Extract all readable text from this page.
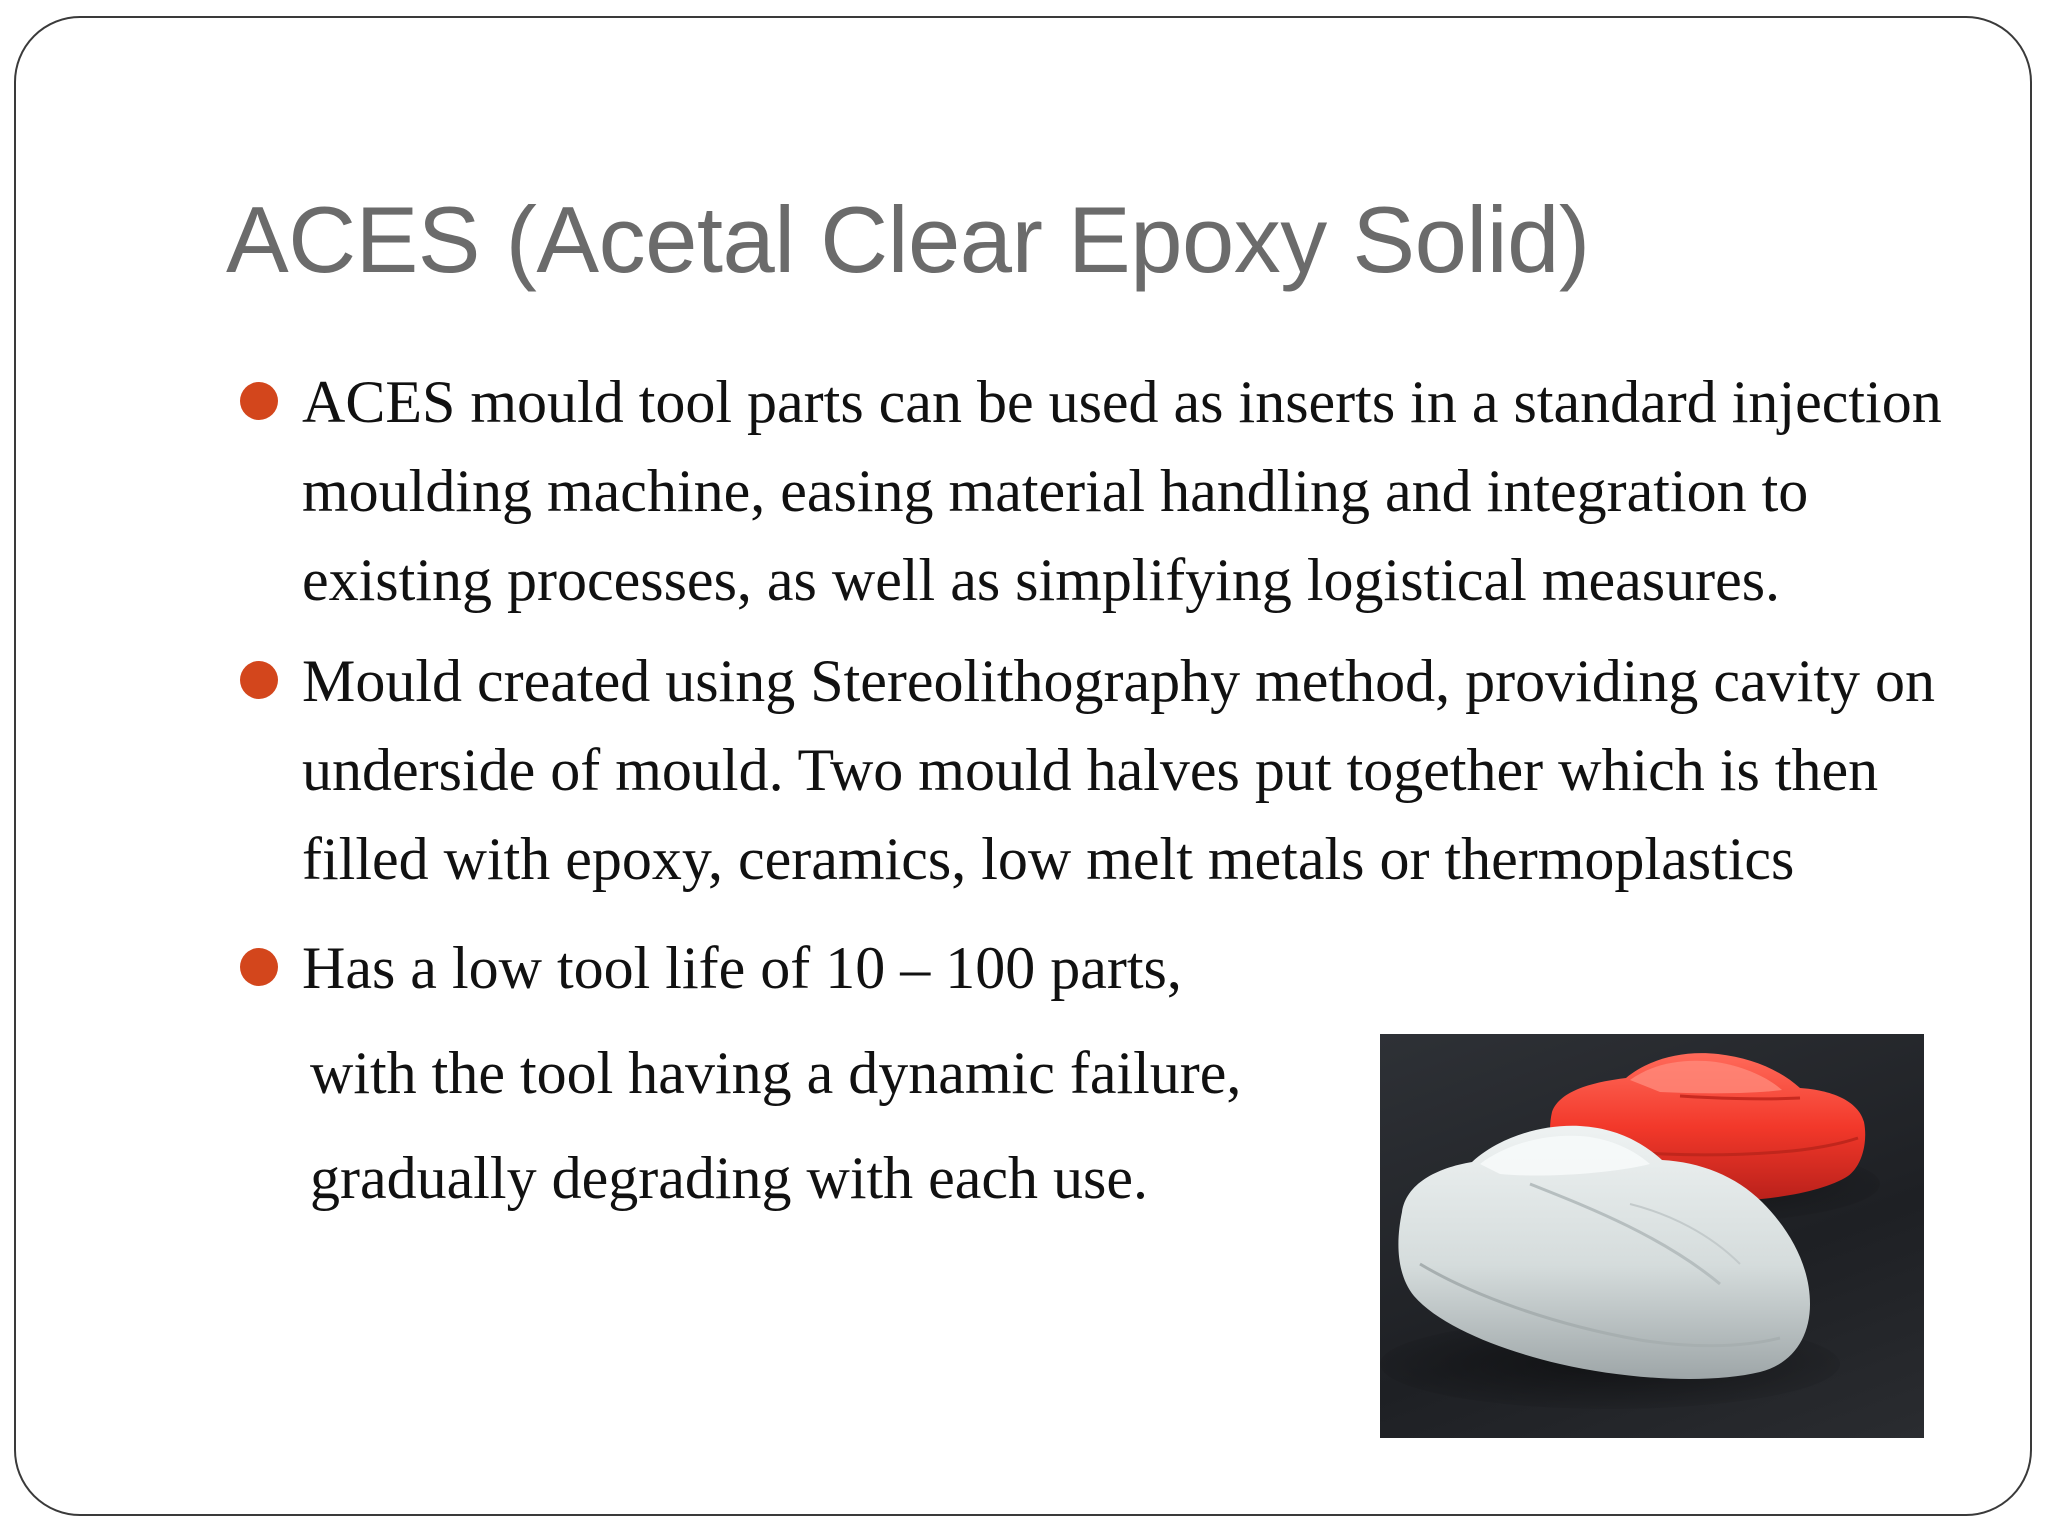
ACES (Acetal Clear Epoxy Solid)
ACES mould tool parts can be used as inserts in a standard injection moulding machine, easing material handling and integration to existing processes, as well as simplifying logistical measures.
Mould created using Stereolithography method, providing cavity on underside of mould. Two mould halves put together which is then filled with epoxy, ceramics, low melt metals or thermoplastics
Has a low tool life of 10 – 100 parts,
with the tool having a dynamic failure,
gradually degrading with each use.
